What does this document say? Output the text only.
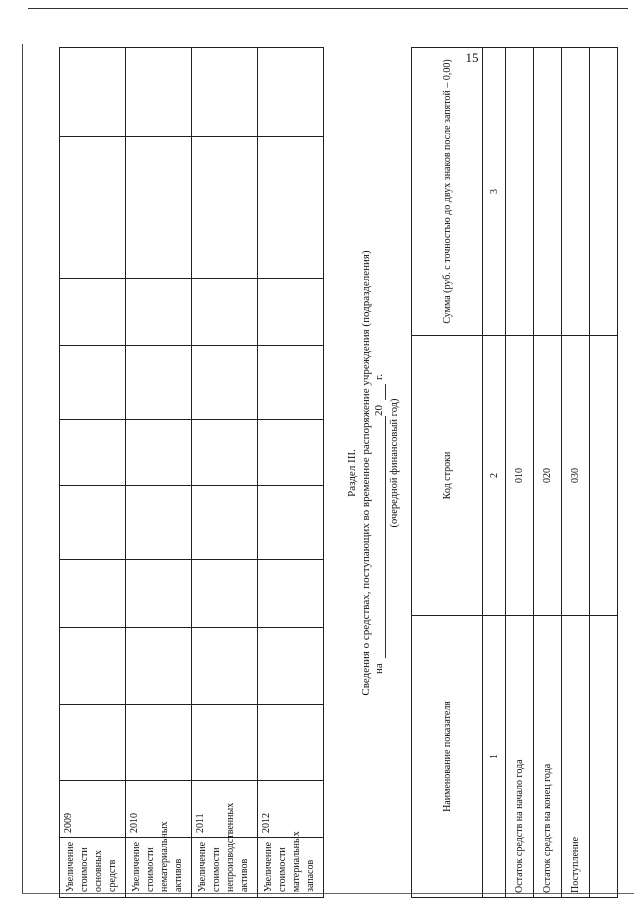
15
Увеличение стоимости основных средств	2009									
Увеличение стоимости нематериальных активов	2010									
Увеличение стоимости непроизводственных активов	2011									
Увеличение стоимости материальных запасов	2012									
Раздел III. Сведения о средствах, поступающих во временное распоряжение учреждения (подразделения) на
20
г.
(очередной финансовый год)
Наименование показателя	Код строки	Сумма (руб. с точностью до двух знаков после запятой – 0,00)
1	2	3
Остаток средств на начало года	010	
Остаток средств на конец года	020	
Поступление	030	
